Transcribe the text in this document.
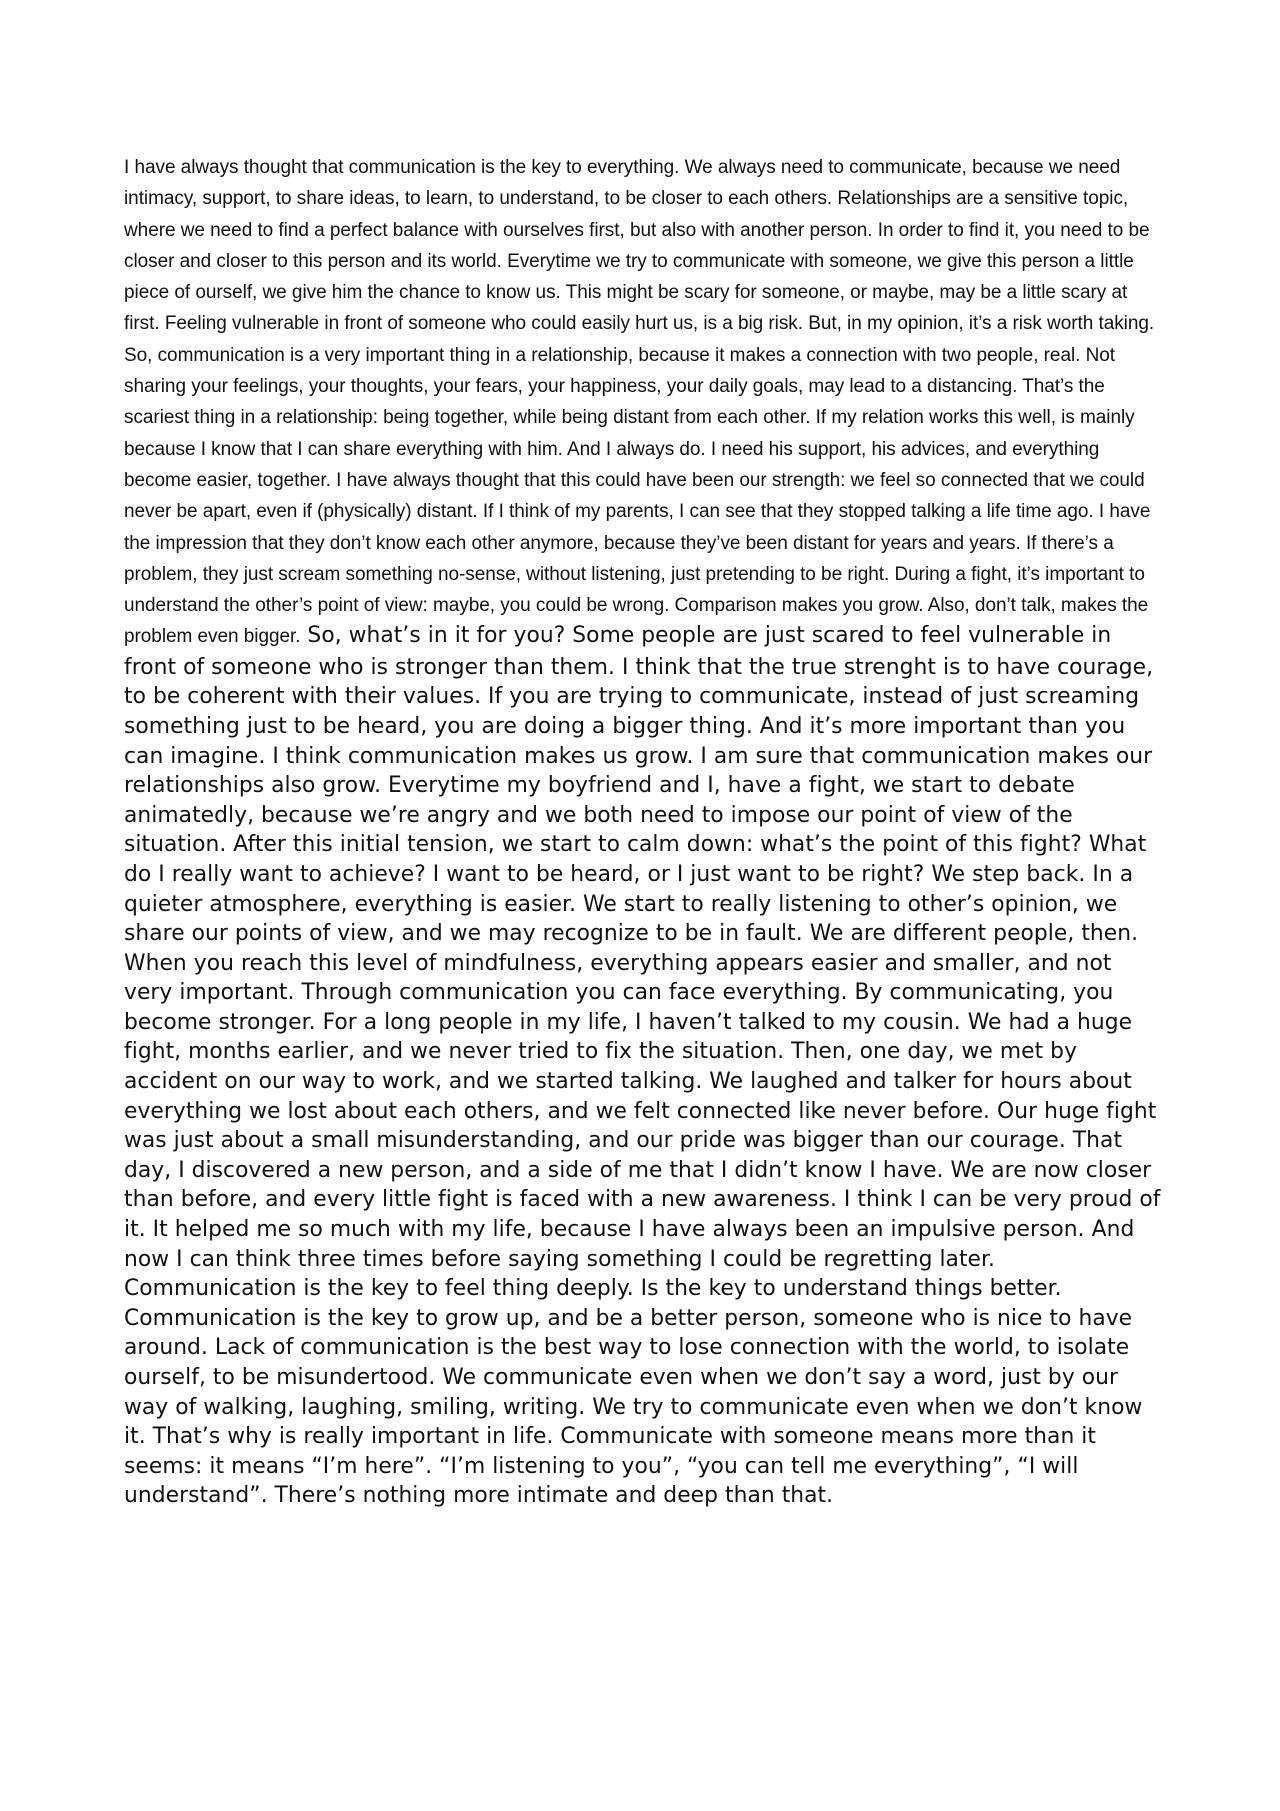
I have always thought that communication is the key to everything. We always need to communicate, because we need intimacy, support, to share ideas, to learn, to understand, to be closer to each others. Relationships are a sensitive topic, where we need to find a perfect balance with ourselves first, but also with another person. In order to find it, you need to be closer and closer to this person and its world. Everytime we try to communicate with someone, we give this person a little piece of ourself, we give him the chance to know us. This might be scary for someone, or maybe, may be a little scary at first. Feeling vulnerable in front of someone who could easily hurt us, is a big risk. But, in my opinion, it’s a risk worth taking. So, communication is a very important thing in a relationship, because it makes a connection with two people, real. Not sharing your feelings, your thoughts, your fears, your happiness, your daily goals, may lead to a distancing. That’s the scariest thing in a relationship: being together, while being distant from each other. If my relation works this well, is mainly because I know that I can share everything with him. And I always do. I need his support, his advices, and everything become easier, together. I have always thought that this could have been our strength: we feel so connected that we could never be apart, even if (physically) distant. If I think of my parents, I can see that they stopped talking a life time ago. I have the impression that they don’t know each other anymore, because they’ve been distant for years and years. If there’s a problem, they just scream something no-sense, without listening, just pretending to be right. During a fight, it’s important to understand the other’s point of view: maybe, you could be wrong. Comparison makes you grow. Also, don’t talk, makes the problem even bigger. So, what’s in it for you? Some people are just scared to feel vulnerable in front of someone who is stronger than them. I think that the true strenght is to have courage, to be coherent with their values. If you are trying to communicate, instead of just screaming something just to be heard, you are doing a bigger thing. And it’s more important than you can imagine. I think communication makes us grow. I am sure that communication makes our relationships also grow. Everytime my boyfriend and I, have a fight, we start to debate animatedly, because we’re angry and we both need to impose our point of view of the situation. After this initial tension, we start to calm down: what’s the point of this fight? What do I really want to achieve? I want to be heard, or I just want to be right? We step back. In a quieter atmosphere, everything is easier. We start to really listening to other’s opinion, we share our points of view, and we may recognize to be in fault. We are different people, then. When you reach this level of mindfulness, everything appears easier and smaller, and not very important. Through communication you can face everything. By communicating, you become stronger. For a long people in my life, I haven’t talked to my cousin. We had a huge fight, months earlier, and we never tried to fix the situation. Then, one day, we met by accident on our way to work, and we started talking. We laughed and talker for hours about everything we lost about each others, and we felt connected like never before. Our huge fight was just about a small misunderstanding, and our pride was bigger than our courage. That day, I discovered a new person, and a side of me that I didn’t know I have. We are now closer than before, and every little fight is faced with a new awareness. I think I can be very proud of it. It helped me so much with my life, because I have always been an impulsive person. And now I can think three times before saying something I could be regretting later. Communication is the key to feel thing deeply. Is the key to understand things better. Communication is the key to grow up, and be a better person, someone who is nice to have around. Lack of communication is the best way to lose connection with the world, to isolate ourself, to be misundertood. We communicate even when we don’t say a word, just by our way of walking, laughing, smiling, writing. We try to communicate even when we don’t know it. That’s why is really important in life. Communicate with someone means more than it seems: it means “I’m here”. “I’m listening to you”, “you can tell me everything”, “I will understand”. There’s nothing more intimate and deep than that.
